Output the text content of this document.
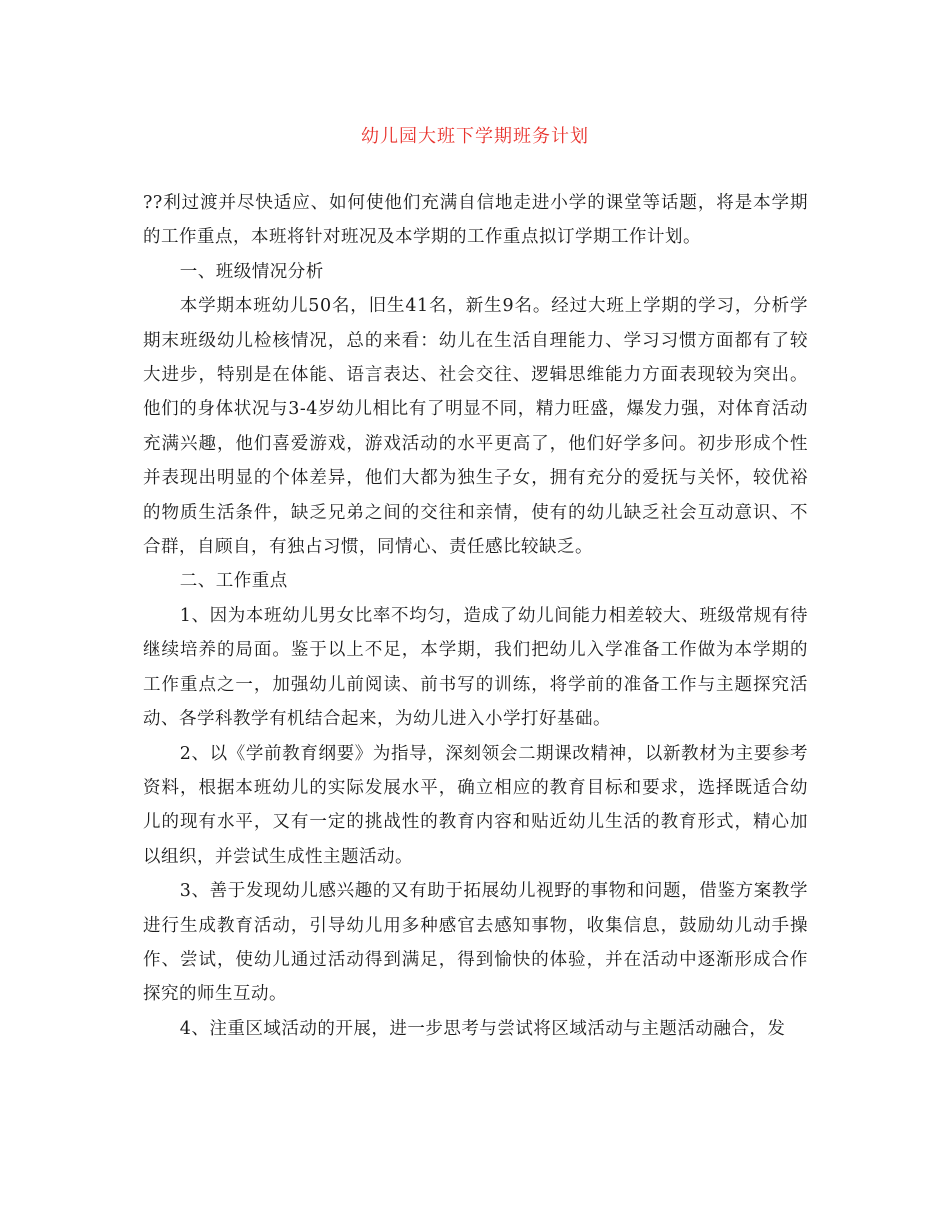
幼儿园大班下学期班务计划

??利过渡并尽快适应、如何使他们充满自信地走进小学的课堂等话题，将是本学期的工作重点，本班将针对班况及本学期的工作重点拟订学期工作计划。

一、班级情况分析

本学期本班幼儿50名，旧生41名，新生9名。经过大班上学期的学习，分析学期末班级幼儿检核情况，总的来看：幼儿在生活自理能力、学习习惯方面都有了较大进步，特别是在体能、语言表达、社会交往、逻辑思维能力方面表现较为突出。他们的身体状况与3-4岁幼儿相比有了明显不同，精力旺盛，爆发力强，对体育活动充满兴趣，他们喜爱游戏，游戏活动的水平更高了，他们好学多问。初步形成个性并表现出明显的个体差异，他们大都为独生子女，拥有充分的爱抚与关怀，较优裕的物质生活条件，缺乏兄弟之间的交往和亲情，使有的幼儿缺乏社会互动意识、不合群，自顾自，有独占习惯，同情心、责任感比较缺乏。

二、工作重点

1、因为本班幼儿男女比率不均匀，造成了幼儿间能力相差较大、班级常规有待继续培养的局面。鉴于以上不足，本学期，我们把幼儿入学准备工作做为本学期的工作重点之一，加强幼儿前阅读、前书写的训练，将学前的准备工作与主题探究活动、各学科教学有机结合起来，为幼儿进入小学打好基础。

2、以《学前教育纲要》为指导，深刻领会二期课改精神，以新教材为主要参考资料，根据本班幼儿的实际发展水平，确立相应的教育目标和要求，选择既适合幼儿的现有水平，又有一定的挑战性的教育内容和贴近幼儿生活的教育形式，精心加以组织，并尝试生成性主题活动。

3、善于发现幼儿感兴趣的又有助于拓展幼儿视野的事物和问题，借鉴方案教学进行生成教育活动，引导幼儿用多种感官去感知事物，收集信息，鼓励幼儿动手操作、尝试，使幼儿通过活动得到满足，得到愉快的体验，并在活动中逐渐形成合作探究的师生互动。

4、注重区域活动的开展，进一步思考与尝试将区域活动与主题活动融合，发
